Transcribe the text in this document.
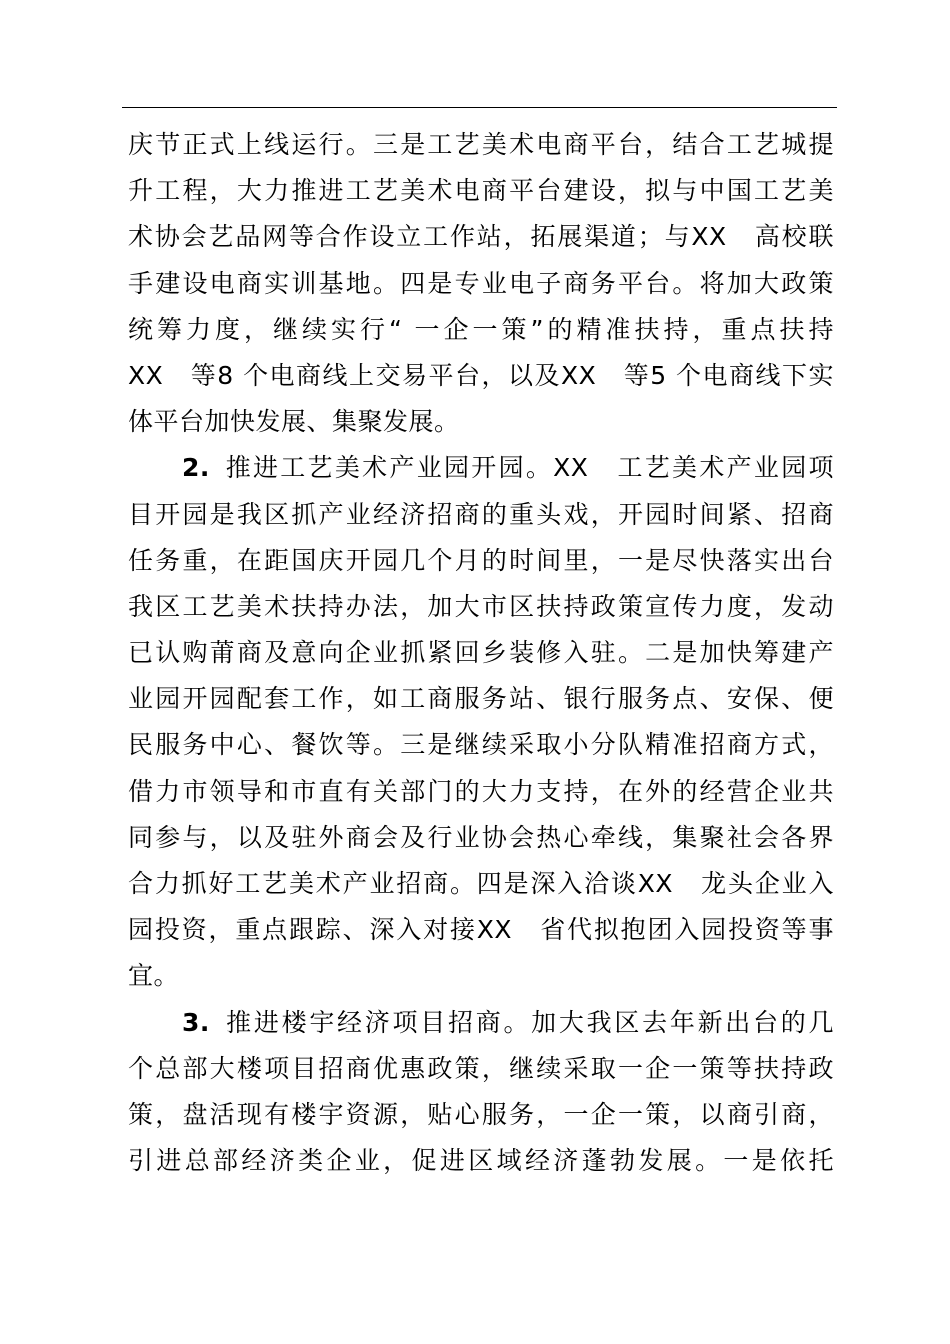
庆节正式上线运行。三是工艺美术电商平台，结合工艺城提
升工程，大力推进工艺美术电商平台建设，拟与中国工艺美
术协会艺品网等合作设立工作站，拓展渠道；与XX　高校联
手建设电商实训基地。四是专业电子商务平台。将加大政策
统筹力度，继续实行“ 一企一策”的精准扶持，重点扶持
XX　等8 个电商线上交易平台，以及XX　等5 个电商线下实
体平台加快发展、集聚发展。
2. 推进工艺美术产业园开园。XX　工艺美术产业园项
目开园是我区抓产业经济招商的重头戏，开园时间紧、招商
任务重，在距国庆开园几个月的时间里，一是尽快落实出台
我区工艺美术扶持办法，加大市区扶持政策宣传力度，发动
已认购莆商及意向企业抓紧回乡装修入驻。二是加快筹建产
业园开园配套工作，如工商服务站、银行服务点、安保、便
民服务中心、餐饮等。三是继续采取小分队精准招商方式，
借力市领导和市直有关部门的大力支持，在外的经营企业共
同参与，以及驻外商会及行业协会热心牵线，集聚社会各界
合力抓好工艺美术产业招商。四是深入洽谈XX　龙头企业入
园投资，重点跟踪、深入对接XX　省代拟抱团入园投资等事
宜。
3. 推进楼宇经济项目招商。加大我区去年新出台的几
个总部大楼项目招商优惠政策，继续采取一企一策等扶持政
策，盘活现有楼宇资源，贴心服务，一企一策，以商引商，
引进总部经济类企业，促进区域经济蓬勃发展。一是依托
